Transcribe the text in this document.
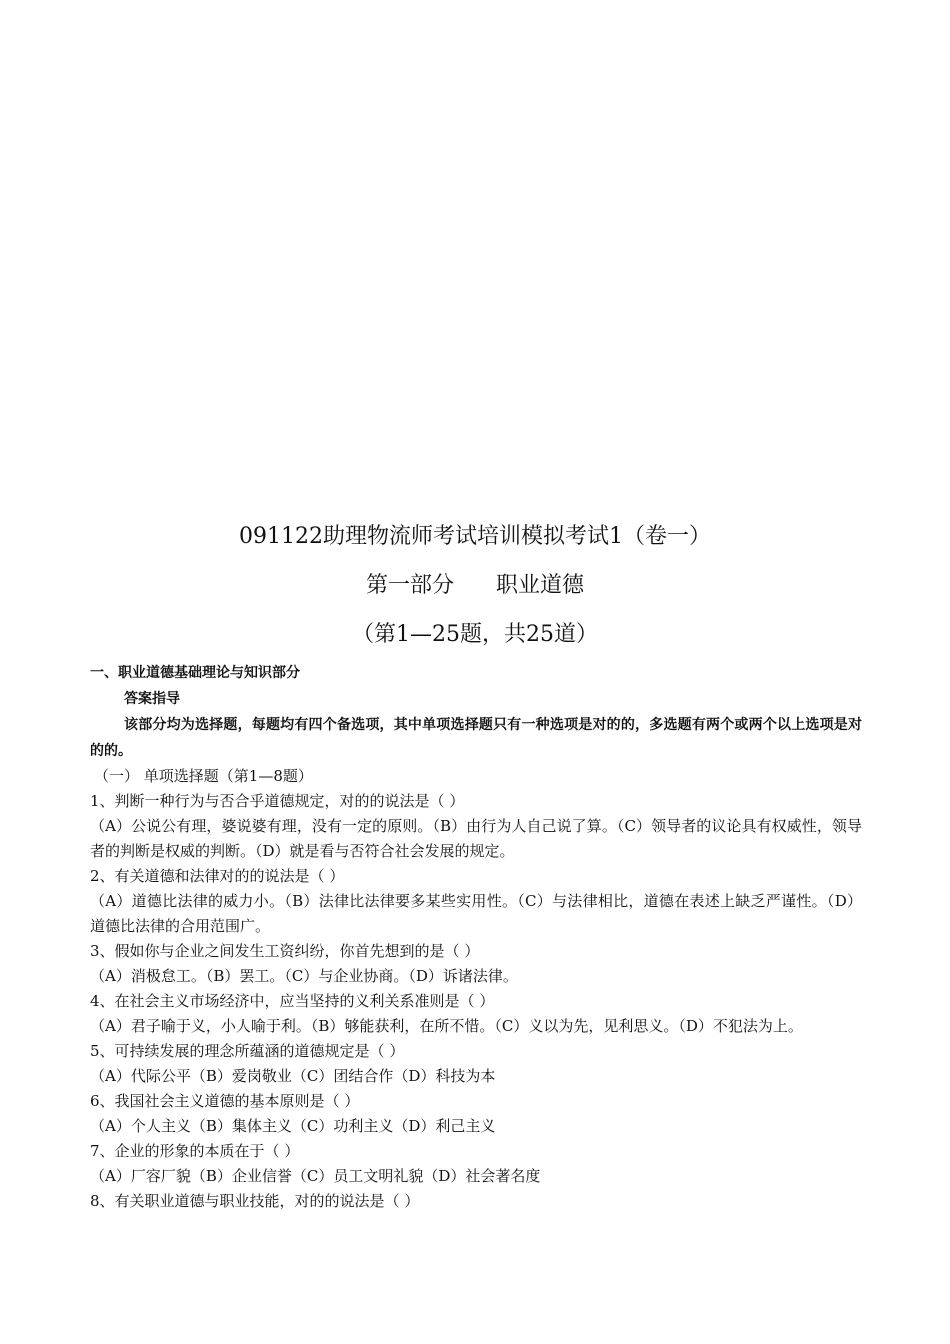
091122助理物流师考试培训模拟考试1（卷一）
第一部分      职业道德
（第1—25题，共25道）

一、职业道德基础理论与知识部分

答案指导

该部分均为选择题，每题均有四个备选项，其中单项选择题只有一种选项是对的的，多选题有两个或两个以上选项是对的的。

（一） 单项选择题（第1—8题）

1、判断一种行为与否合乎道德规定，对的的说法是（ ）

（A）公说公有理，婆说婆有理，没有一定的原则。（B）由行为人自己说了算。（C）领导者的议论具有权威性，领导者的判断是权威的判断。（D）就是看与否符合社会发展的规定。

2、有关道德和法律对的的说法是（ ）

（A）道德比法律的威力小。（B）法律比法律要多某些实用性。（C）与法律相比，道德在表述上缺乏严谨性。（D）道德比法律的合用范围广。

3、假如你与企业之间发生工资纠纷，你首先想到的是（ ）

（A）消极怠工。（B）罢工。（C）与企业协商。（D）诉诸法律。

4、在社会主义市场经济中，应当坚持的义利关系准则是（ ）

（A）君子喻于义，小人喻于利。（B）够能获利，在所不惜。（C）义以为先，见利思义。（D）不犯法为上。

5、可持续发展的理念所蕴涵的道德规定是（ ）

（A）代际公平（B）爱岗敬业（C）团结合作（D）科技为本

6、我国社会主义道德的基本原则是（ ）

（A）个人主义（B）集体主义（C）功利主义（D）利己主义

7、企业的形象的本质在于（ ）

（A）厂容厂貌（B）企业信誉（C）员工文明礼貌（D）社会著名度

8、有关职业道德与职业技能，对的的说法是（ ）
